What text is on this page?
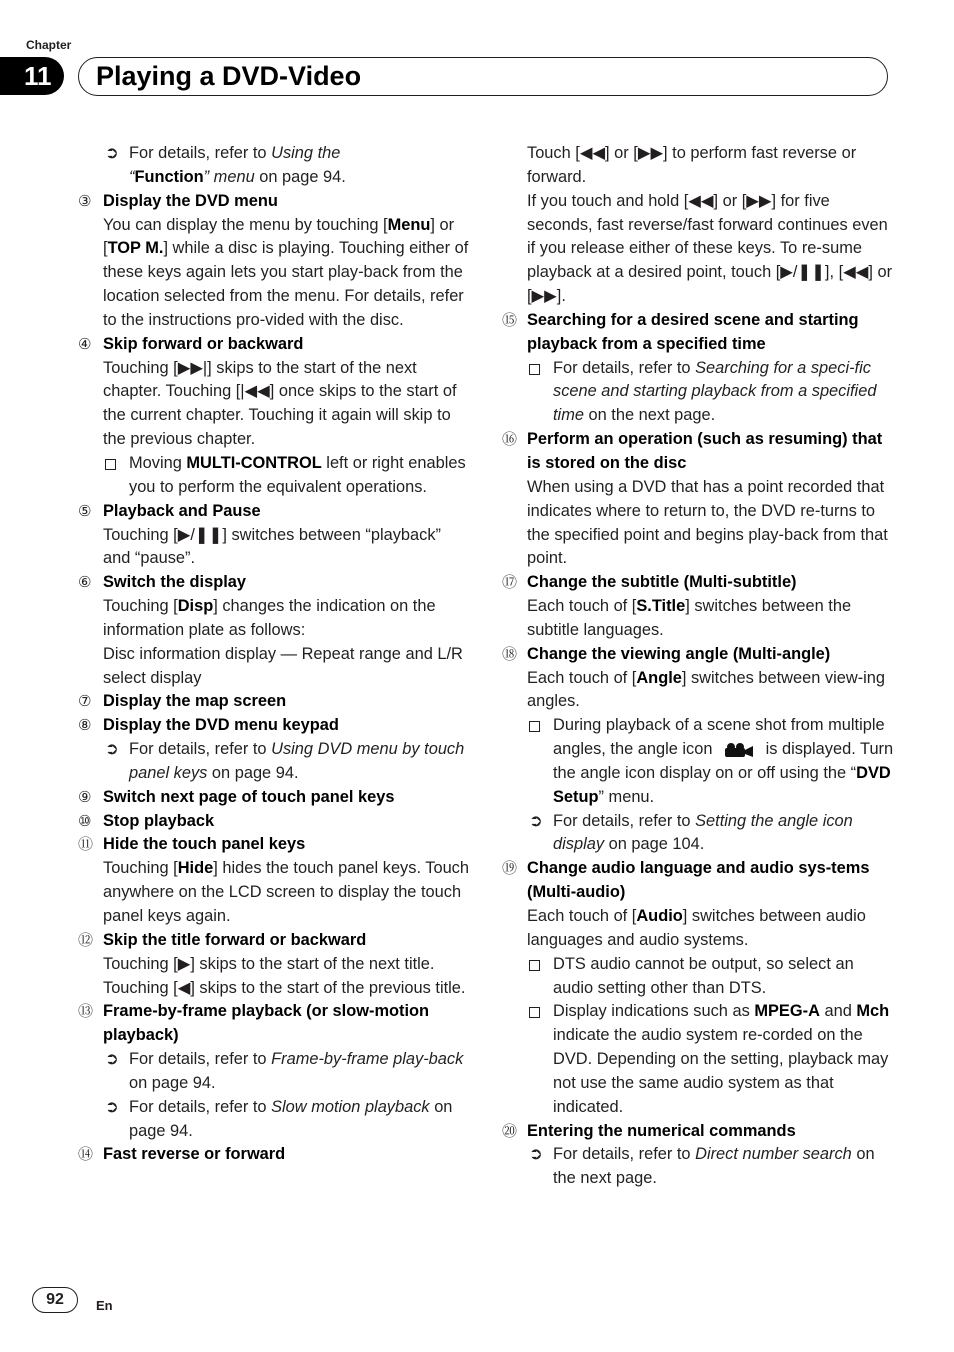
Chapter
11	Playing a DVD-Video
➲ For details, refer to Using the
“Function” menu on page 94.
③ Display the DVD menu
You can display the menu by touching [Menu] or [TOP M.] while a disc is playing. Touching either of these keys again lets you start play-back from the location selected from the menu. For details, refer to the instructions pro-vided with the disc.
④ Skip forward or backward
Touching [▶▶|] skips to the start of the next chapter. Touching [|◀◀] once skips to the start of the current chapter. Touching it again will skip to the previous chapter.
Moving MULTI-CONTROL left or right enables you to perform the equivalent operations.
⑤ Playback and Pause
Touching [▶/❚❚] switches between “playback” and “pause”.
⑥ Switch the display
Touching [Disp] changes the indication on the information plate as follows:
Disc information display — Repeat range and L/R select display
⑦ Display the map screen
⑧ Display the DVD menu keypad
➲ For details, refer to Using DVD menu by touch panel keys on page 94.
⑨ Switch next page of touch panel keys
⑩ Stop playback
⑪ Hide the touch panel keys
Touching [Hide] hides the touch panel keys. Touch anywhere on the LCD screen to display the touch panel keys again.
⑫ Skip the title forward or backward
Touching [▶] skips to the start of the next title. Touching [◀] skips to the start of the previous title.
⑬ Frame-by-frame playback (or slow-motion playback)
➲ For details, refer to Frame-by-frame play-back on page 94.
➲ For details, refer to Slow motion playback on page 94.
⑭ Fast reverse or forward
Touch [◀◀] or [▶▶] to perform fast reverse or forward.
If you touch and hold [◀◀] or [▶▶] for five seconds, fast reverse/fast forward continues even if you release either of these keys. To re-sume playback at a desired point, touch [▶/❚❚], [◀◀] or [▶▶].
⑮ Searching for a desired scene and starting playback from a specified time
For details, refer to Searching for a speci-fic scene and starting playback from a specified time on the next page.
⑯ Perform an operation (such as resuming) that is stored on the disc
When using a DVD that has a point recorded that indicates where to return to, the DVD re-turns to the specified point and begins play-back from that point.
⑰ Change the subtitle (Multi-subtitle)
Each touch of [S.Title] switches between the subtitle languages.
⑱ Change the viewing angle (Multi-angle)
Each touch of [Angle] switches between view-ing angles.
During playback of a scene shot from multiple angles, the angle icon	is displayed. Turn the angle icon display on or off using the “DVD Setup” menu.
➲ For details, refer to Setting the angle icon display on page 104.
⑲ Change audio language and audio sys-tems (Multi-audio)
Each touch of [Audio] switches between audio languages and audio systems.
DTS audio cannot be output, so select an audio setting other than DTS.
Display indications such as MPEG-A and Mch indicate the audio system re-corded on the DVD. Depending on the setting, playback may not use the same audio system as that indicated.
⑳ Entering the numerical commands
➲ For details, refer to Direct number search on the next page.
92	En
